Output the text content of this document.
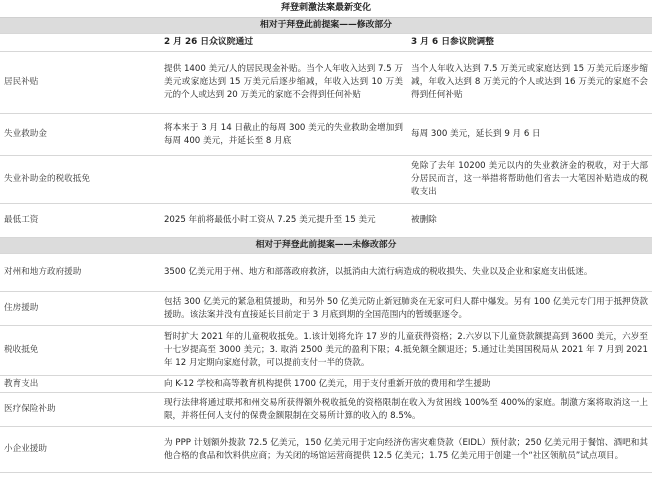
拜登刺激法案最新变化		
相对于拜登此前提案——修改部分		
	2 月 26 日众议院通过	3 月 6 日参议院调整
居民补贴	提供 1400 美元/人的居民现金补贴。当个人年收入达到 7.5 万美元或家庭达到 15 万美元后逐步缩减，年收入达到 10 万美元的个人或达到 20 万美元的家庭不会得到任何补贴	当个人年收入达到 7.5 万美元或家庭达到 15 万美元后逐步缩减，年收入达到 8 万美元的个人或达到 16 万美元的家庭不会得到任何补贴
失业救助金	将本来于 3 月 14 日截止的每周 300 美元的失业救助金增加到每周 400 美元，并延长至 8 月底	每周 300 美元，延长到 9 月 6 日
失业补助金的税收抵免		免除了去年 10200 美元以内的失业救济金的税收，对于大部分居民而言，这一举措将帮助他们省去一大笔因补贴造成的税收支出
最低工资	2025 年前将最低小时工资从 7.25 美元提升至 15 美元	被删除
相对于拜登此前提案——未修改部分		
对州和地方政府援助	3500 亿美元用于州、地方和部落政府救济，以抵消由大流行病造成的税收损失、失业以及企业和家庭支出低迷。	
住房援助	包括 300 亿美元的紧急租赁援助，和另外 50 亿美元防止新冠肺炎在无家可归人群中爆发。另有 100 亿美元专门用于抵押贷款援助。该法案并没有直接延长目前定于 3 月底到期的全国范围内的暂缓驱逐令。	
税收抵免	暂时扩大 2021 年的儿童税收抵免。1.该计划将允许 17 岁的儿童获得资格；2.六岁以下儿童贷款额提高到 3600 美元，六岁至十七岁提高至 3000 美元；3. 取消 2500 美元的盈利下限；4.抵免额全额退还；5.通过让美国国税局从 2021 年 7 月到 2021 年 12 月定期向家庭付款，可以提前支付一半的贷款。	
教育支出	向 K-12 学校和高等教育机构提供 1700 亿美元，用于支付重新开放的费用和学生援助	
医疗保险补助	现行法律将通过联邦和州交易所获得额外税收抵免的资格限制在收入为贫困线 100%至 400%的家庭。制激方案将取消这一上限，并将任何人支付的保费金额限制在交易所计算的收入的 8.5%。	
小企业援助	为 PPP 计划额外拨款 72.5 亿美元，150 亿美元用于定向经济伤害灾难贷款（EIDL）预付款；250 亿美元用于餐馆、酒吧和其他合格的食品和饮料供应商；为关闭的场馆运营商提供 12.5 亿美元；1.75 亿美元用于创建一个“社区领航员”试点项目。	
